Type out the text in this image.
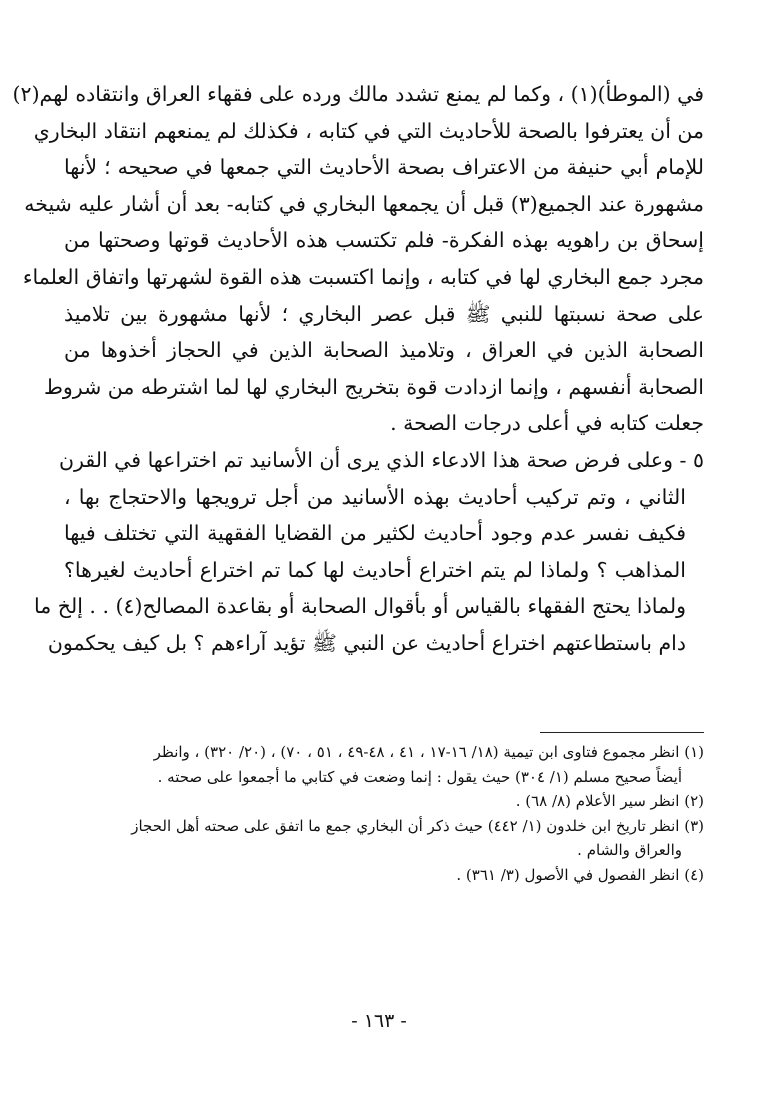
في (الموطأ)(١) ، وكما لم يمنع تشدد مالك ورده على فقهاء العراق وانتقاده لهم(٢)
من أن يعترفوا بالصحة للأحاديث التي في كتابه ، فكذلك لم يمنعهم انتقاد البخاري
للإمام أبي حنيفة من الاعتراف بصحة الأحاديث التي جمعها في صحيحه ؛ لأنها
مشهورة عند الجميع(٣) قبل أن يجمعها البخاري في كتابه- بعد أن أشار عليه شيخه
إسحاق بن راهويه بهذه الفكرة- فلم تكتسب هذه الأحاديث قوتها وصحتها من
مجرد جمع البخاري لها في كتابه ، وإنما اكتسبت هذه القوة لشهرتها واتفاق العلماء
على صحة نسبتها للنبي ﷺ قبل عصر البخاري ؛ لأنها مشهورة بين تلاميذ
الصحابة الذين في العراق ، وتلاميذ الصحابة الذين في الحجاز أخذوها من
الصحابة أنفسهم ، وإنما ازدادت قوة بتخريج البخاري لها لما اشترطه من شروط
جعلت كتابه في أعلى درجات الصحة .
٥ - وعلى فرض صحة هذا الادعاء الذي يرى أن الأسانيد تم اختراعها في القرن
الثاني ، وتم تركيب أحاديث بهذه الأسانيد من أجل ترويجها والاحتجاج بها ،
فكيف نفسر عدم وجود أحاديث لكثير من القضايا الفقهية التي تختلف فيها
المذاهب ؟ ولماذا لم يتم اختراع أحاديث لها كما تم اختراع أحاديث لغيرها؟
ولماذا يحتج الفقهاء بالقياس أو بأقوال الصحابة أو بقاعدة المصالح(٤) . . إلخ ما
دام باستطاعتهم اختراع أحاديث عن النبي ﷺ تؤيد آراءهم ؟ بل كيف يحكمون
(١) انظر مجموع فتاوى ابن تيمية (١٨/ ١٦-١٧ ، ٤١ ، ٤٨-٤٩ ، ٥١ ، ٧٠) ، (٢٠/ ٣٢٠) ، وانظر
أيضاً صحيح مسلم (١/ ٣٠٤) حيث يقول : إنما وضعت في كتابي ما أجمعوا على صحته .
(٢) انظر سير الأعلام (٨/ ٦٨) .
(٣) انظر تاريخ ابن خلدون (١/ ٤٤٢) حيث ذكر أن البخاري جمع ما اتفق على صحته أهل الحجاز
والعراق والشام .
(٤) انظر الفصول في الأصول (٣/ ٣٦١) .
- ١٦٣ -
